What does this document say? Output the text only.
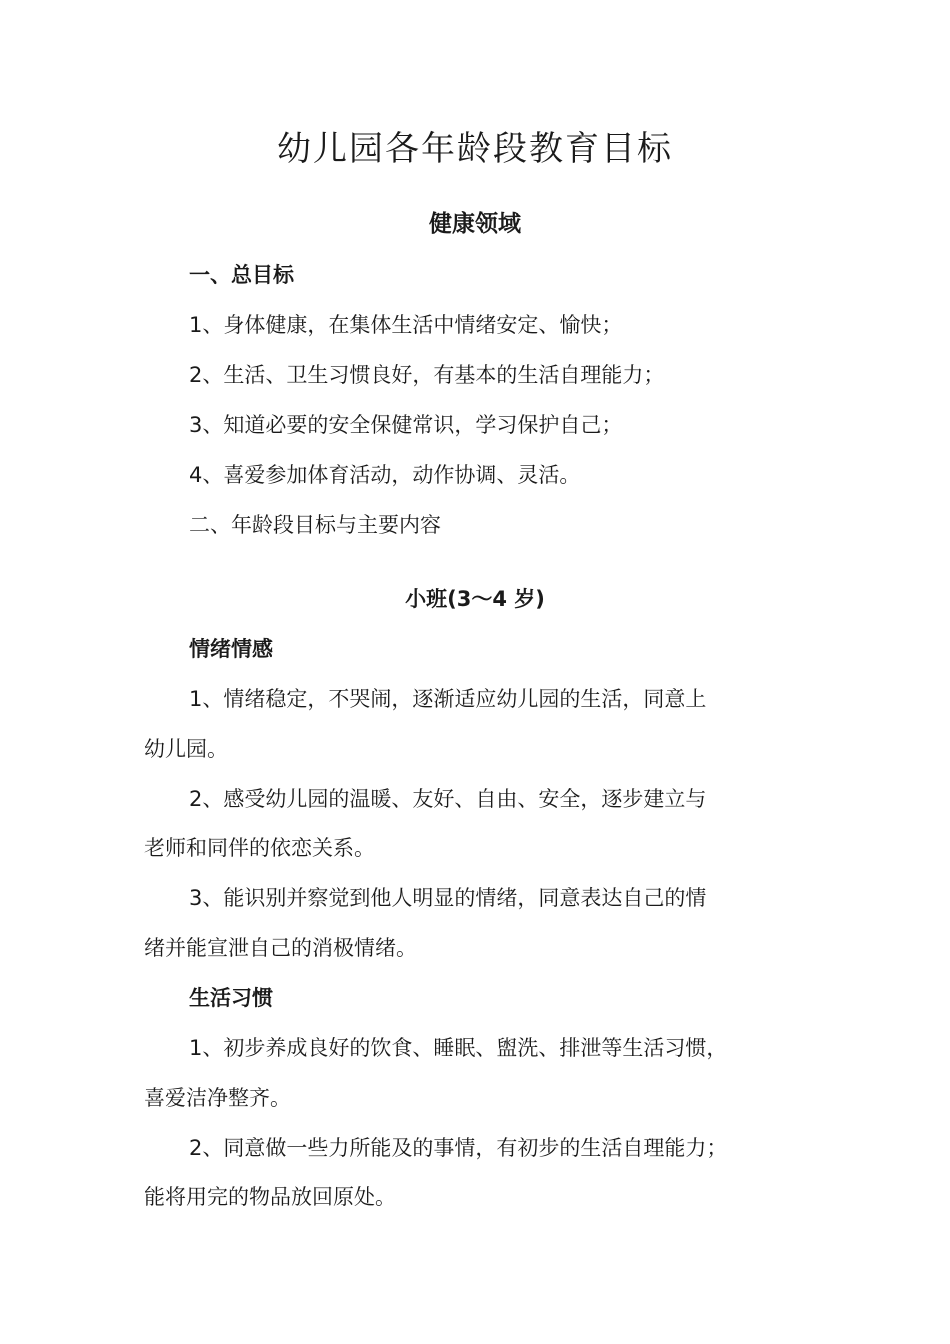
幼儿园各年龄段教育目标
健康领域
一、总目标
1、身体健康，在集体生活中情绪安定、愉快；
2、生活、卫生习惯良好，有基本的生活自理能力；
3、知道必要的安全保健常识，学习保护自己；
4、喜爱参加体育活动，动作协调、灵活。
二、年龄段目标与主要内容
小班(3～4 岁)
情绪情感
1、情绪稳定，不哭闹，逐渐适应幼儿园的生活，同意上
幼儿园。
2、感受幼儿园的温暖、友好、自由、安全，逐步建立与
老师和同伴的依恋关系。
3、能识别并察觉到他人明显的情绪，同意表达自己的情
绪并能宣泄自己的消极情绪。
生活习惯
1、初步养成良好的饮食、睡眠、盥洗、排泄等生活习惯，
喜爱洁净整齐。
2、同意做一些力所能及的事情，有初步的生活自理能力；
能将用完的物品放回原处。
